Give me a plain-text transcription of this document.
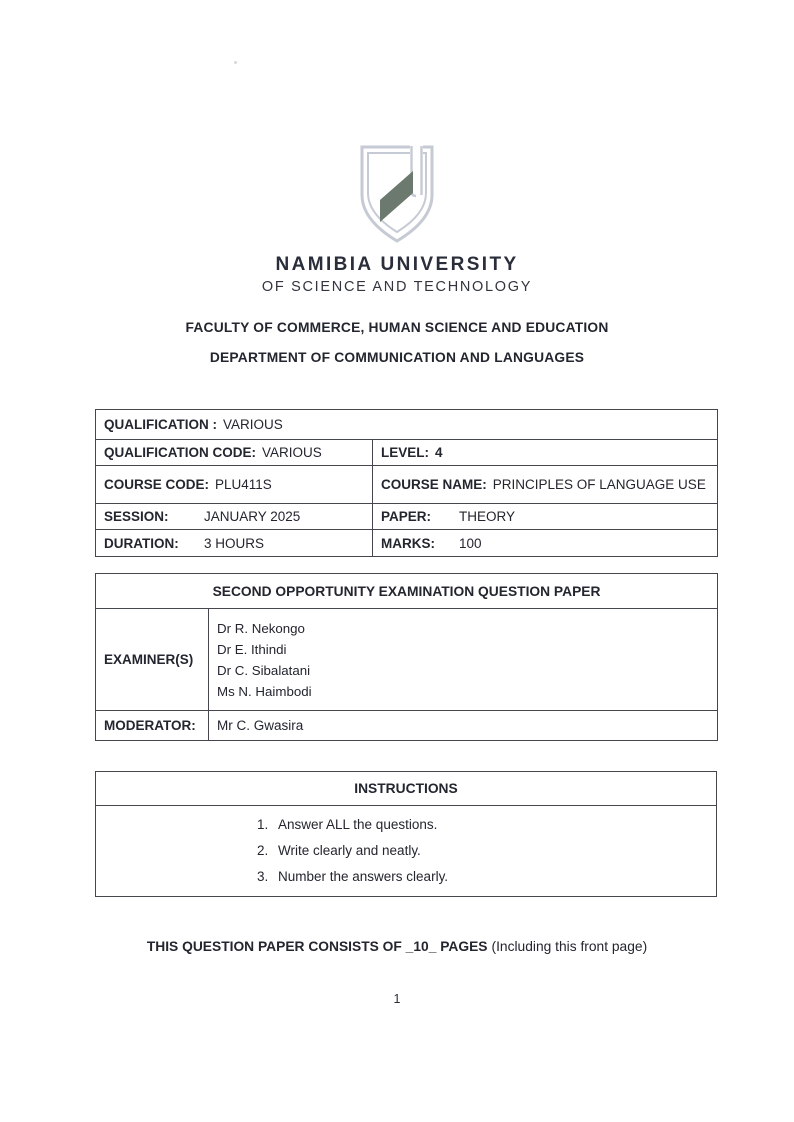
NAMIBIA UNIVERSITY
OF SCIENCE AND TECHNOLOGY
FACULTY OF COMMERCE, HUMAN SCIENCE AND EDUCATION
DEPARTMENT OF COMMUNICATION AND LANGUAGES
QUALIFICATION : VARIOUS	
QUALIFICATION CODE: VARIOUS	LEVEL: 4
COURSE CODE: PLU411S	COURSE NAME: PRINCIPLES OF LANGUAGE USE

SESSION: JANUARY 2025	PAPER: THEORY

DURATION: 3 HOURS	MARKS: 100
SECOND OPPORTUNITY EXAMINATION QUESTION PAPER	
EXAMINER(S)	Dr R. Nekongo
Dr E. Ithindi
Dr C. Sibalatani
Ms N. Haimbodi

MODERATOR:	Mr C. Gwasira
INSTRUCTIONS

1. Answer ALL the questions.
2. Write clearly and neatly.
3. Number the answers clearly.
THIS QUESTION PAPER CONSISTS OF _10_ PAGES (Including this front page)
1
